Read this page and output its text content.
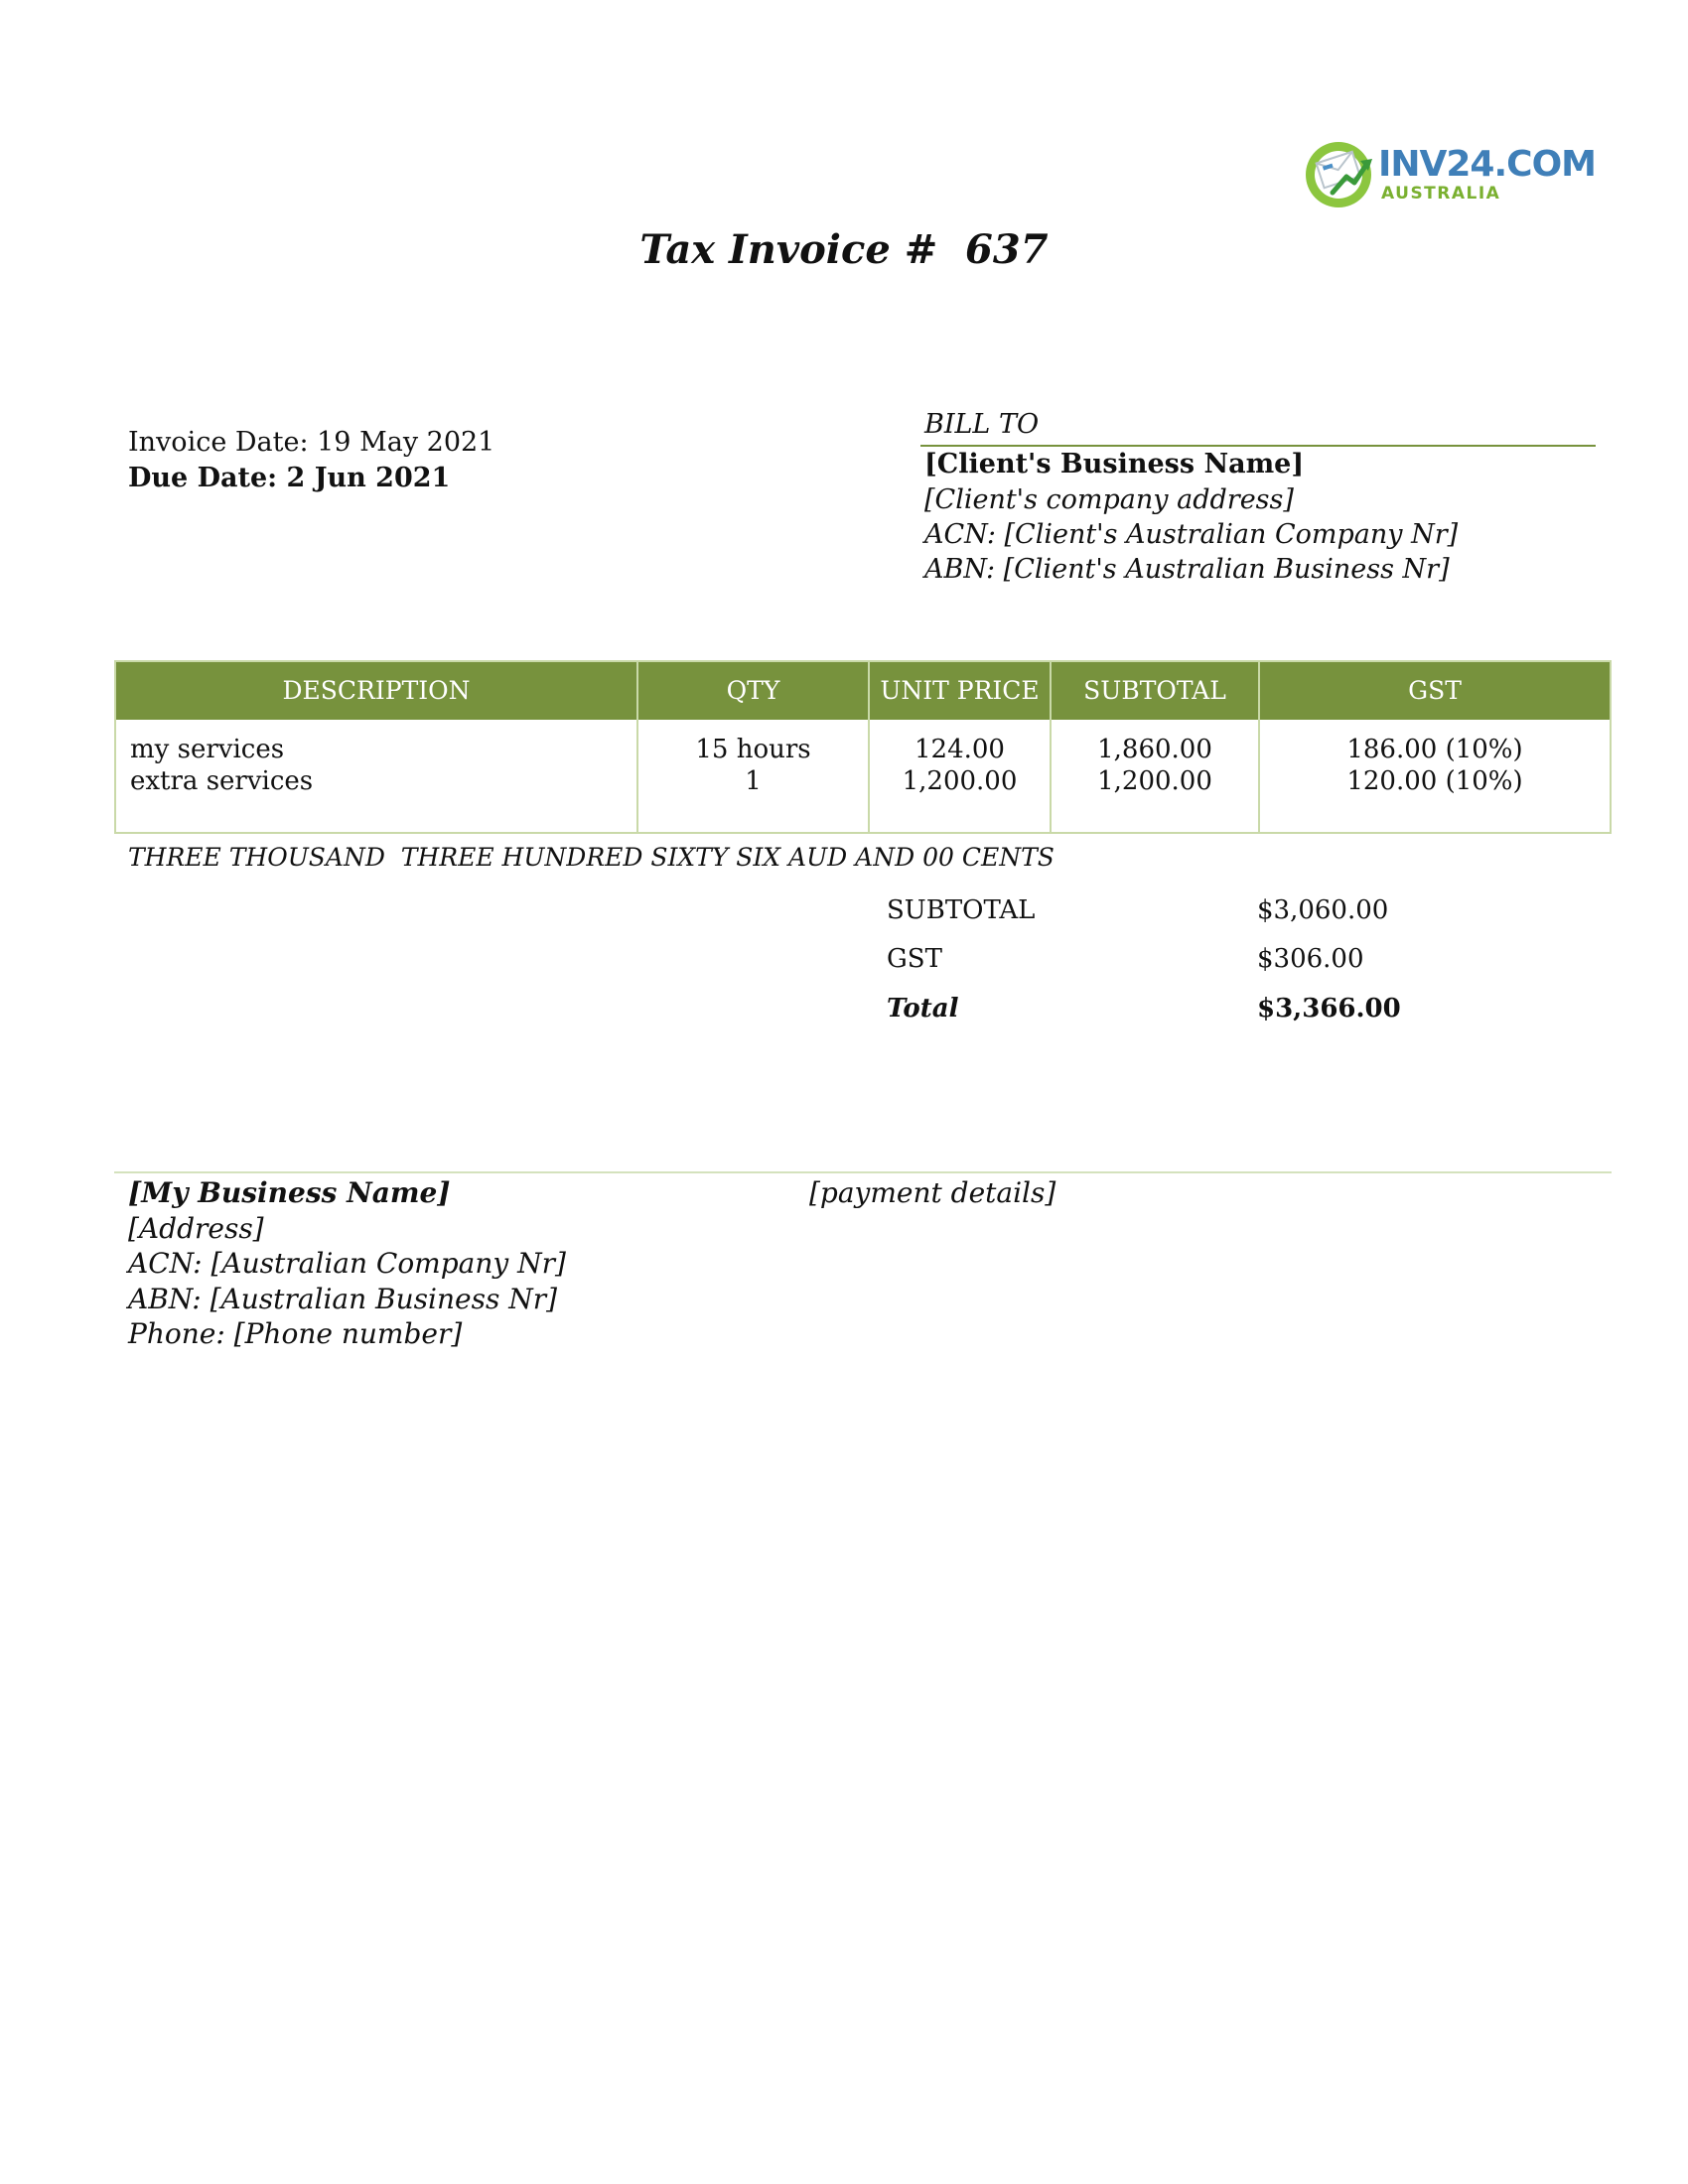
INV24.COM
AUSTRALIA
Tax Invoice #  637
Invoice Date: 19 May 2021
Due Date: 2 Jun 2021
BILL TO
[Client's Business Name]
[Client's company address]
ACN: [Client's Australian Company Nr]
ABN: [Client's Australian Business Nr]
DESCRIPTION	QTY	UNIT PRICE	SUBTOTAL	GST
my services	15 hours	124.00	1,860.00	186.00 (10%)
extra services	1	1,200.00	1,200.00	120.00 (10%)
THREE THOUSAND  THREE HUNDRED SIXTY SIX AUD AND 00 CENTS
SUBTOTAL	$3,060.00
GST	$306.00
Total	$3,366.00
[My Business Name]
[Address]
ACN: [Australian Company Nr]
ABN: [Australian Business Nr]
Phone: [Phone number]
[payment details]
